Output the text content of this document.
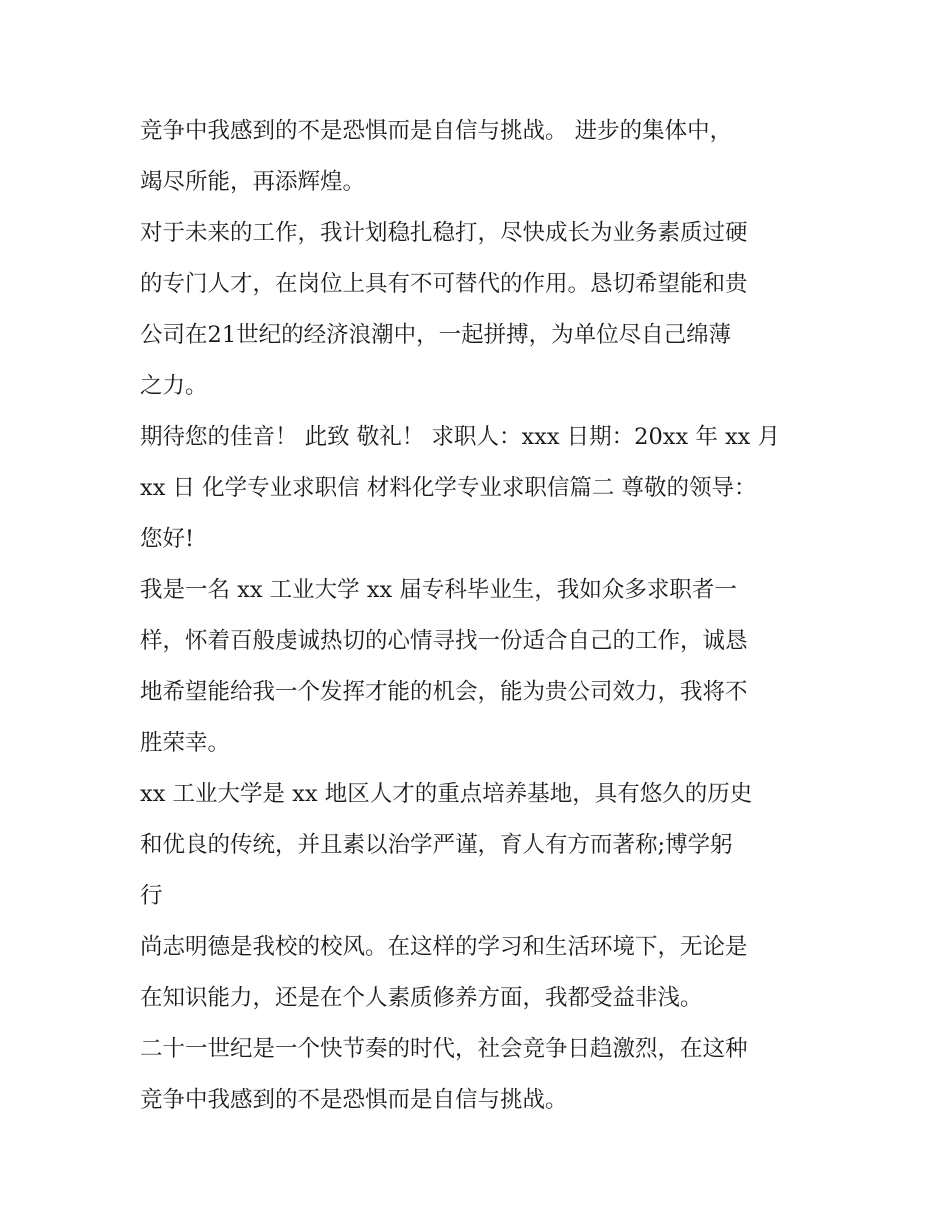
竞争中我感到的不是恐惧而是自信与挑战。 进步的集体中，
竭尽所能，再添辉煌。
对于未来的工作，我计划稳扎稳打，尽快成长为业务素质过硬
的专门人才，在岗位上具有不可替代的作用。恳切希望能和贵
公司在21世纪的经济浪潮中，一起拼搏，为单位尽自己绵薄
之力。
期待您的佳音！ 此致 敬礼！ 求职人：xxx 日期：20xx 年 xx 月
xx 日 化学专业求职信 材料化学专业求职信篇二 尊敬的领导：
您好!
我是一名 xx 工业大学 xx 届专科毕业生，我如众多求职者一
样，怀着百般虔诚热切的心情寻找一份适合自己的工作，诚恳
地希望能给我一个发挥才能的机会，能为贵公司效力，我将不
胜荣幸。
xx 工业大学是 xx 地区人才的重点培养基地，具有悠久的历史
和优良的传统，并且素以治学严谨，育人有方而著称;博学躬
行
尚志明德是我校的校风。在这样的学习和生活环境下，无论是
在知识能力，还是在个人素质修养方面，我都受益非浅。
二十一世纪是一个快节奏的时代，社会竞争日趋激烈，在这种
竞争中我感到的不是恐惧而是自信与挑战。
